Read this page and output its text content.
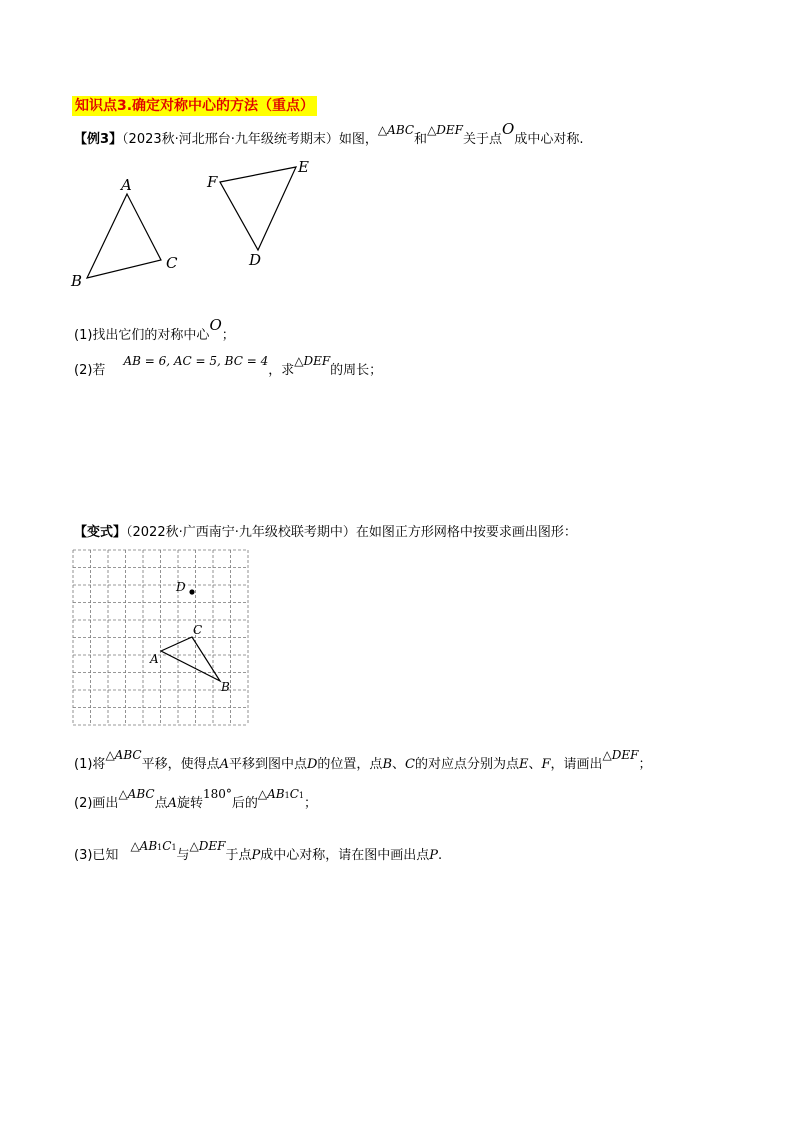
知识点3.确定对称中心的方法（重点）
【例3】（2023秋·河北邢台·九年级统考期末）如图，△ABC和△DEF关于点O成中心对称.
A
B
C	D
E
F
(1)找出它们的对称中心O；
(2)若AB = 6, AC = 5, BC = 4，求△DEF的周长；
【变式】（2022秋·广西南宁·九年级校联考期中）在如图正方形网格中按要求画出图形：
D
A
B
C
(1)将△ABC平移，使得点A平移到图中点D的位置，点B、C的对应点分别为点E、F，请画出△DEF；
(2)画出△ABC点A旋转180°后的△AB1C1；
(3)已知△AB1C1与△DEF于点P成中心对称，请在图中画出点P.
